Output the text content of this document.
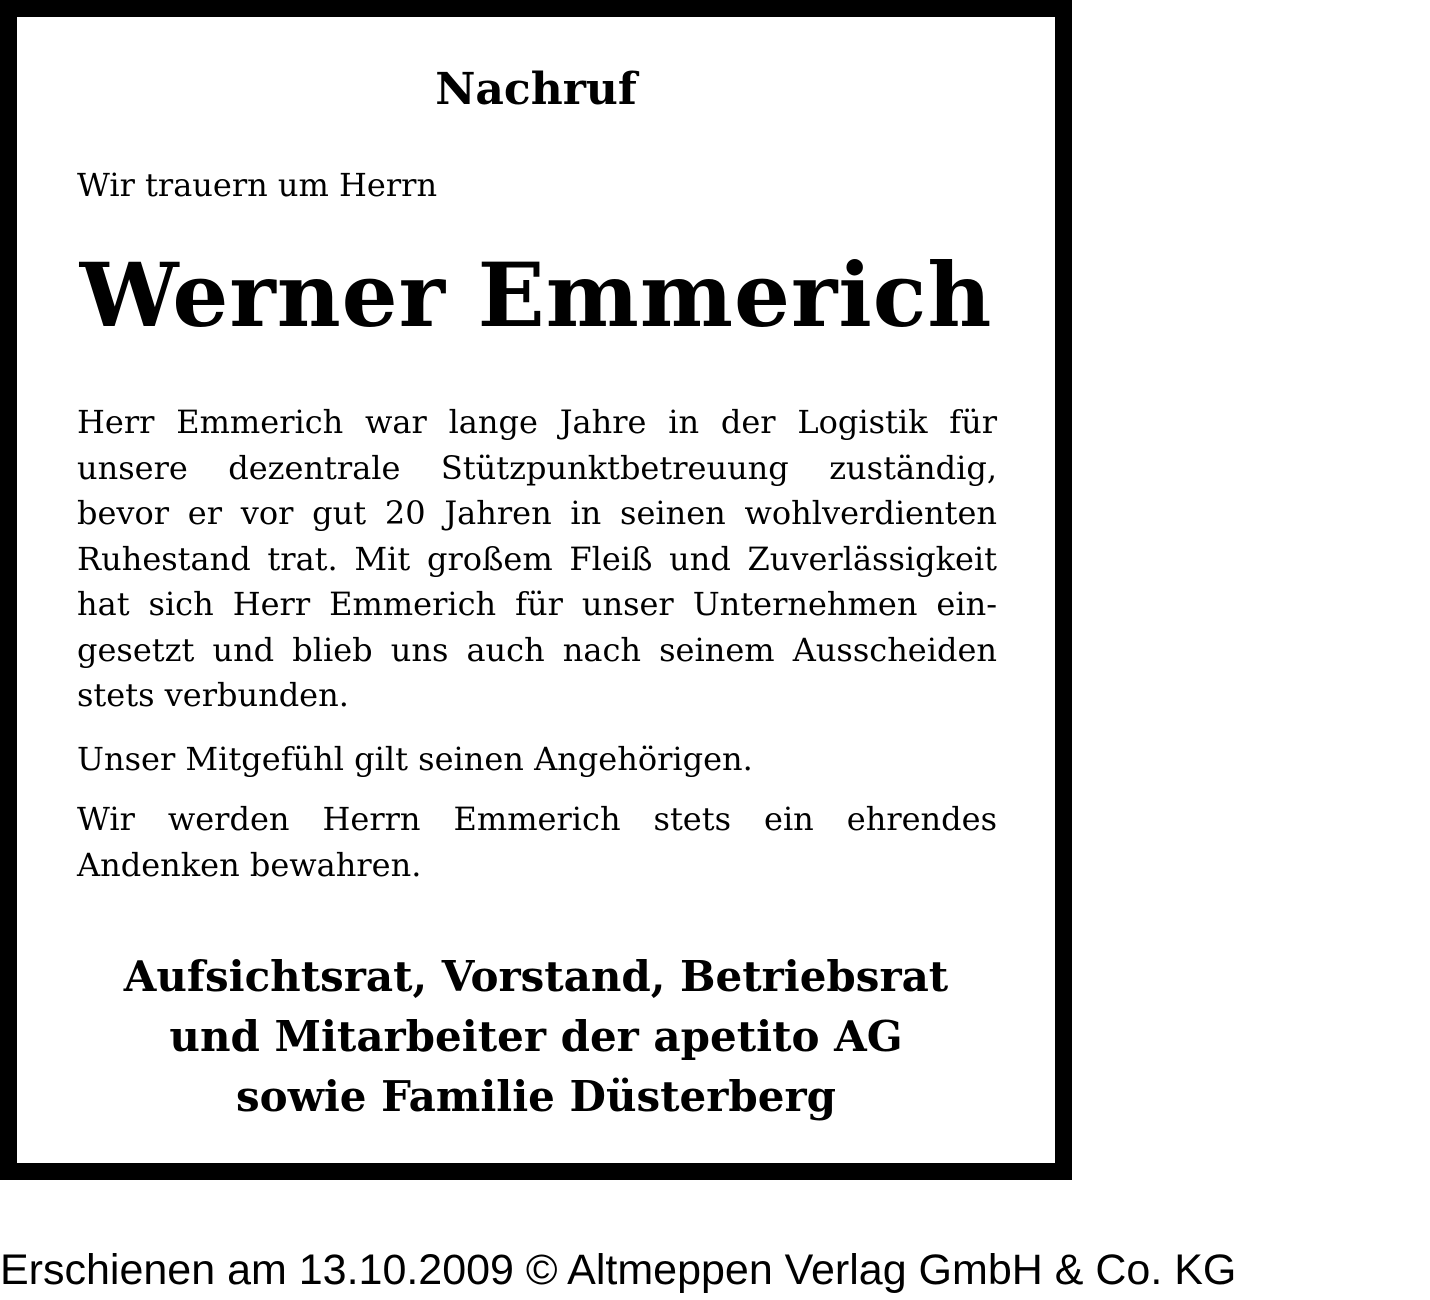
Nachruf

Wir trauern um Herrn

Werner Emmerich

Herr Emmerich war lange Jahre in der Logistik für unsere dezentrale Stützpunktbetreuung zuständig, bevor er vor gut 20 Jahren in seinen wohlverdienten Ruhestand trat. Mit großem Fleiß und Zuverlässigkeit hat sich Herr Emmerich für unser Unternehmen eingesetzt und blieb uns auch nach seinem Ausscheiden stets verbunden.

Unser Mitgefühl gilt seinen Angehörigen.

Wir werden Herrn Emmerich stets ein ehrendes Andenken bewahren.

Aufsichtsrat, Vorstand, Betriebsrat
und Mitarbeiter der apetito AG
sowie Familie Düsterberg

Erschienen am 13.10.2009 © Altmeppen Verlag GmbH & Co. KG
